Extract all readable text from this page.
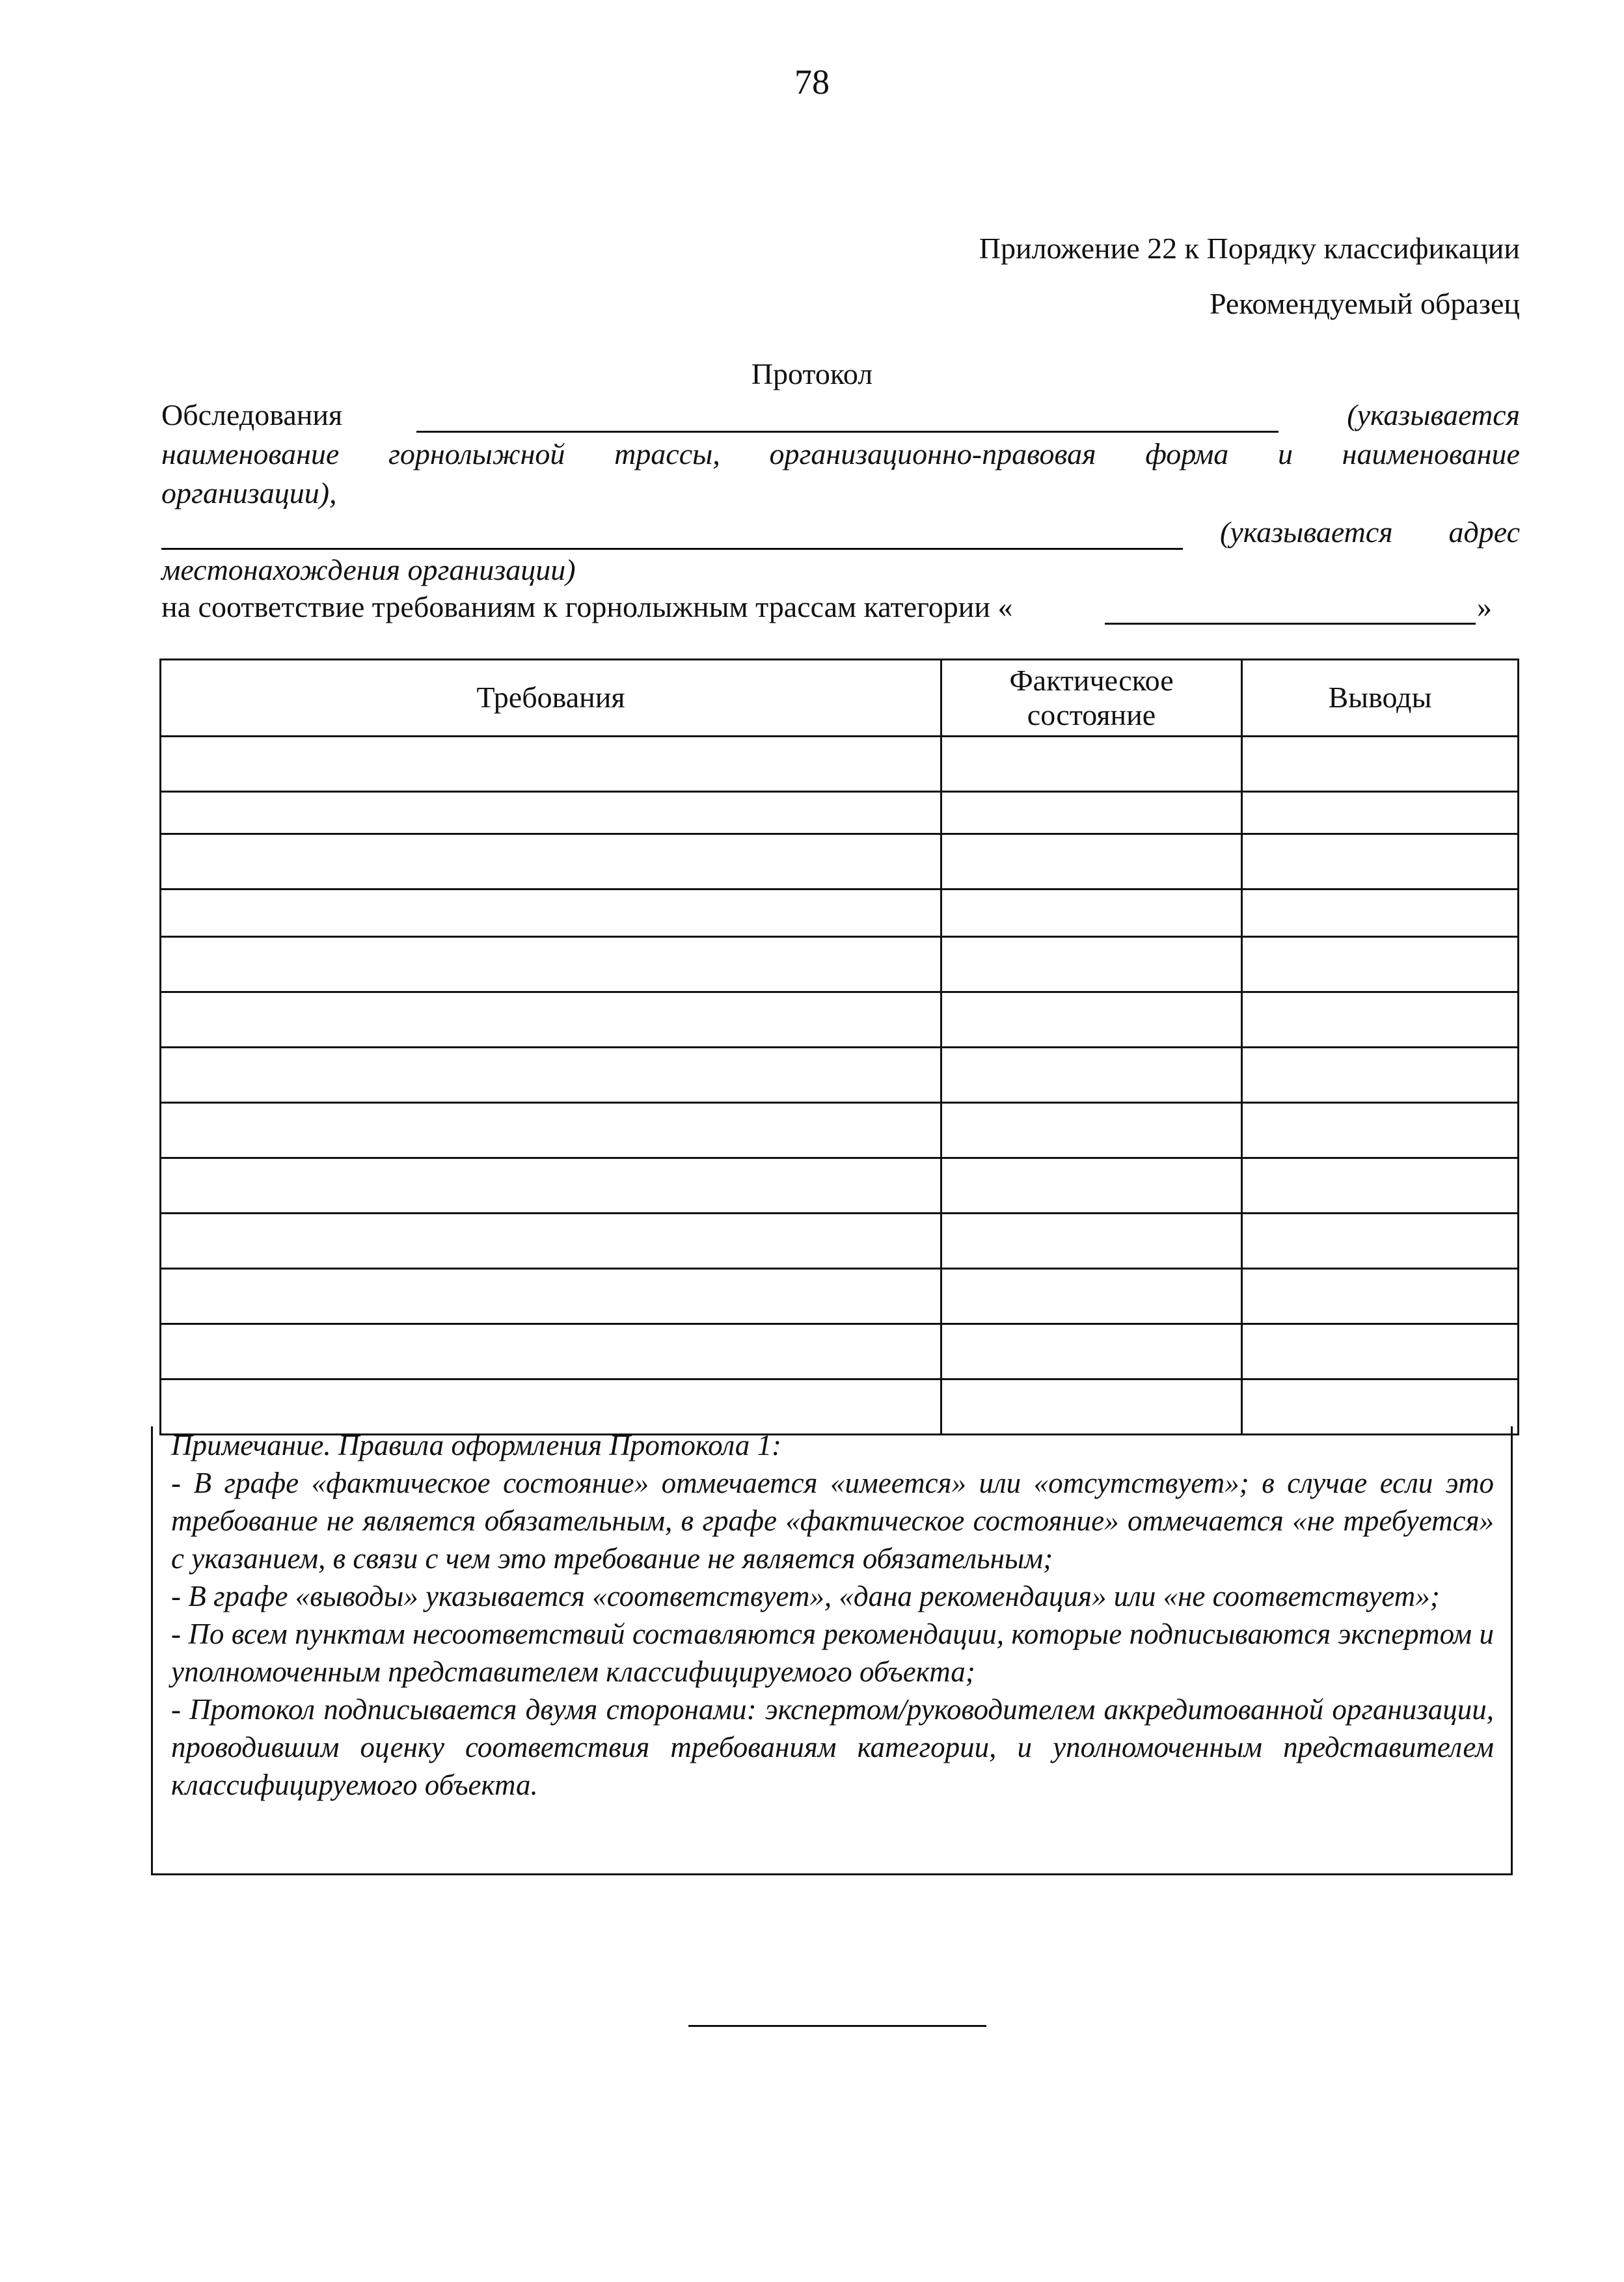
78
Приложение 22 к Порядку классификации
Рекомендуемый образец
Протокол
Обследования	(указывается
наименование горнолыжной трассы, организационно-правовая форма и наименование
организации),
(указывается адрес
местонахождения организации)
на соответствие требованиям к горнолыжным трассам категории «	»
Требования	Фактическое состояние	Выводы

Примечание. Правила оформления Протокола 1:

- В графе «фактическое состояние» отмечается «имеется» или «отсутствует»; в случае если это требование не является обязательным, в графе «фактическое состояние» отмечается «не требуется» с указанием, в связи с чем это требование не является обязательным;

- В графе «выводы» указывается «соответствует», «дана рекомендация» или «не соответствует»;

- По всем пунктам несоответствий составляются рекомендации, которые подписываются экспертом и уполномоченным представителем классифицируемого объекта;

- Протокол подписывается двумя сторонами: экспертом/руководителем аккредитованной организации, проводившим оценку соответствия требованиям категории, и уполномоченным представителем классифицируемого объекта.
